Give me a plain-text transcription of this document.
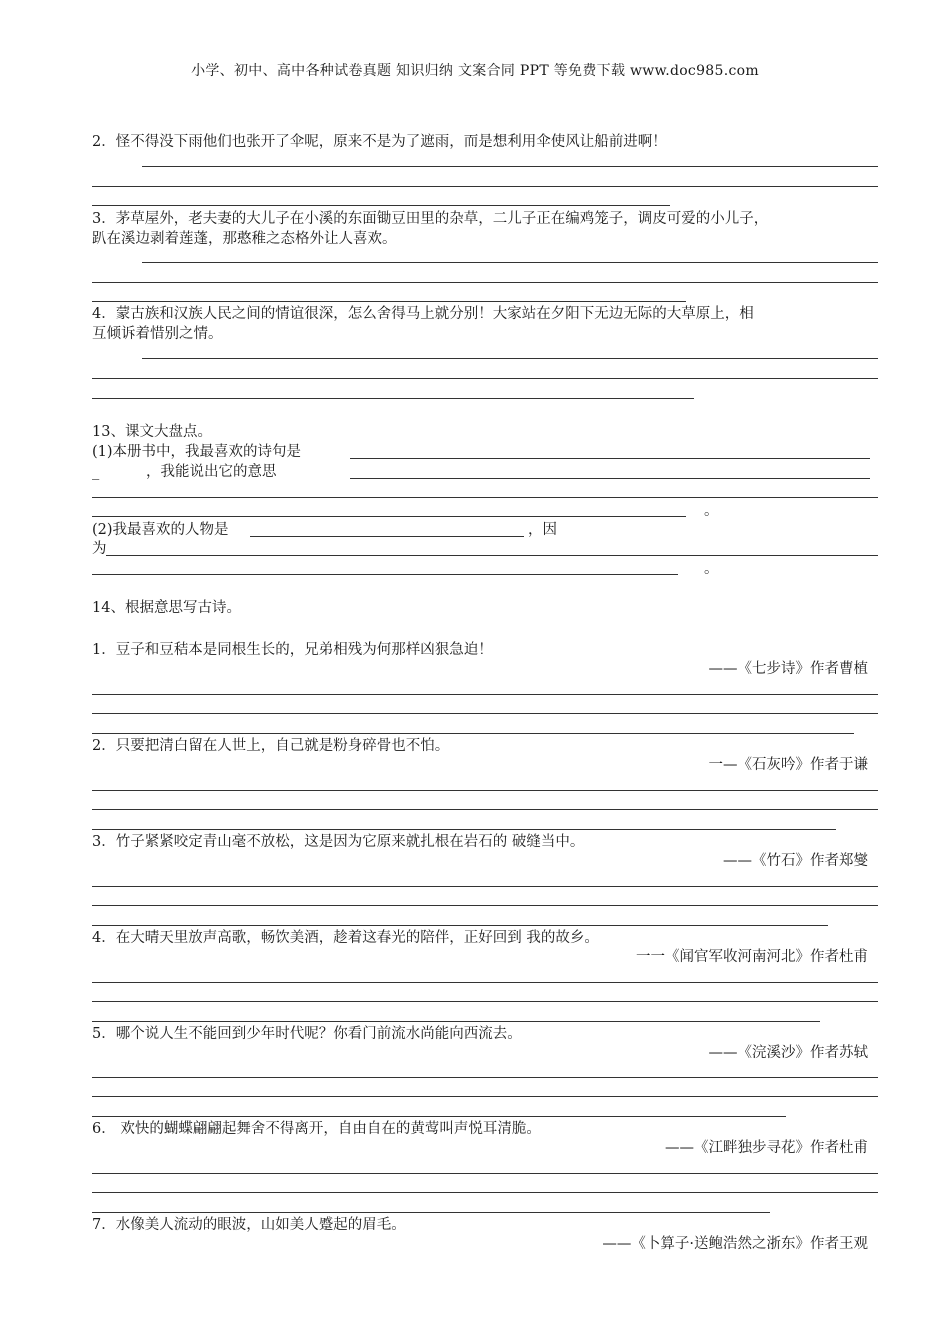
小学、初中、高中各种试卷真题 知识归纳 文案合同 PPT 等免费下载 www.doc985.com
2．怪不得没下雨他们也张开了伞呢，原来不是为了遮雨，而是想利用伞使风让船前进啊！
3．茅草屋外，老夫妻的大儿子在小溪的东面锄豆田里的杂草，二儿子正在编鸡笼子，调皮可爱的小儿子，
趴在溪边剥着莲蓬，那憨稚之态格外让人喜欢。
4．蒙古族和汉族人民之间的情谊很深，怎么舍得马上就分别！大家站在夕阳下无边无际的大草原上，相
互倾诉着惜别之情。
13、课文大盘点。
(1)本册书中，我最喜欢的诗句是
_	，我能说出它的意思
。
(2)我最喜欢的人物是	，因
为
。
14、根据意思写古诗。
1．豆子和豆秸本是同根生长的，兄弟相残为何那样凶狠急迫！
——《七步诗》作者曹植
2．只要把清白留在人世上，自己就是粉身碎骨也不怕。
一—《石灰吟》作者于谦
3．竹子紧紧咬定青山毫不放松，这是因为它原来就扎根在岩石的 破缝当中。
——《竹石》作者郑燮
4．在大晴天里放声高歌，畅饮美酒，趁着这春光的陪伴，正好回到 我的故乡。
一一《闻官军收河南河北》作者杜甫
5．哪个说人生不能回到少年时代呢？你看门前流水尚能向西流去。
——《浣溪沙》作者苏轼
6． 欢快的蝴蝶翩翩起舞舍不得离开，自由自在的黄莺叫声悦耳清脆。
——《江畔独步寻花》作者杜甫
7．水像美人流动的眼波，山如美人蹙起的眉毛。
——《卜算子·送鲍浩然之浙东》作者王观
